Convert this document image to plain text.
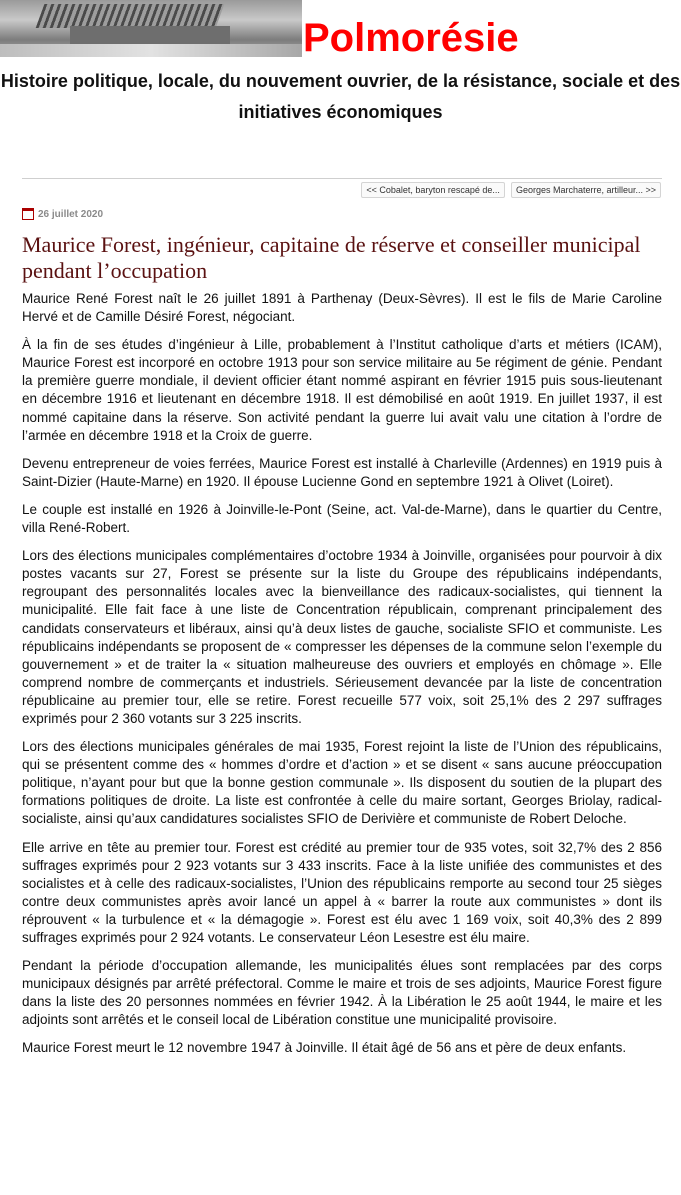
Polmorésie
Histoire politique, locale, du nouvement ouvrier, de la résistance, sociale et des initiatives économiques
<< Cobalet, baryton rescapé de...	Georges Marchaterre, artilleur... >>
26 juillet 2020
Maurice Forest, ingénieur, capitaine de réserve et conseiller municipal pendant l’occupation

Maurice René Forest naît le 26 juillet 1891 à Parthenay (Deux-Sèvres). Il est le fils de Marie Caroline Hervé et de Camille Désiré Forest, négociant.

À la fin de ses études d’ingénieur à Lille, probablement à l’Institut catholique d’arts et métiers (ICAM), Maurice Forest est incorporé en octobre 1913 pour son service militaire au 5e régiment de génie. Pendant la première guerre mondiale, il devient officier étant nommé aspirant en février 1915 puis sous-lieutenant en décembre 1916 et lieutenant en décembre 1918. Il est démobilisé en août 1919. En juillet 1937, il est nommé capitaine dans la réserve. Son activité pendant la guerre lui avait valu une citation à l’ordre de l’armée en décembre 1918 et la Croix de guerre.

Devenu entrepreneur de voies ferrées, Maurice Forest est installé à Charleville (Ardennes) en 1919 puis à Saint-Dizier (Haute-Marne) en 1920. Il épouse Lucienne Gond en septembre 1921 à Olivet (Loiret).

Le couple est installé en 1926 à Joinville-le-Pont (Seine, act. Val-de-Marne), dans le quartier du Centre, villa René-Robert.

Lors des élections municipales complémentaires d’octobre 1934 à Joinville, organisées pour pourvoir à dix postes vacants sur 27, Forest se présente sur la liste du Groupe des républicains indépendants, regroupant des personnalités locales avec la bienveillance des radicaux-socialistes, qui tiennent la municipalité. Elle fait face à une liste de Concentration républicain, comprenant principalement des candidats conservateurs et libéraux, ainsi qu’à deux listes de gauche, socialiste SFIO et communiste. Les républicains indépendants se proposent de « compresser les dépenses de la commune selon l’exemple du gouvernement » et de traiter la « situation malheureuse des ouvriers et employés en chômage ». Elle comprend nombre de commerçants et industriels. Sérieusement devancée par la liste de concentration républicaine au premier tour, elle se retire. Forest recueille 577 voix, soit 25,1% des 2 297 suffrages exprimés pour 2 360 votants sur 3 225 inscrits.

Lors des élections municipales générales de mai 1935, Forest rejoint la liste de l’Union des républicains, qui se présentent comme des « hommes d’ordre et d’action » et se disent « sans aucune préoccupation politique, n’ayant pour but que la bonne gestion communale ». Ils disposent du soutien de la plupart des formations politiques de droite. La liste est confrontée à celle du maire sortant, Georges Briolay, radical-socialiste, ainsi qu’aux candidatures socialistes SFIO de Derivière et communiste de Robert Deloche.

Elle arrive en tête au premier tour. Forest est crédité au premier tour de 935 votes, soit 32,7% des 2 856 suffrages exprimés pour 2 923 votants sur 3 433 inscrits. Face à la liste unifiée des communistes et des socialistes et à celle des radicaux-socialistes, l’Union des républicains remporte au second tour 25 sièges contre deux communistes après avoir lancé un appel à « barrer la route aux communistes » dont ils réprouvent « la turbulence et « la démagogie ». Forest est élu avec 1 169 voix, soit 40,3% des 2 899 suffrages exprimés pour 2 924 votants. Le conservateur Léon Lesestre est élu maire.

Pendant la période d’occupation allemande, les municipalités élues sont remplacées par des corps municipaux désignés par arrêté préfectoral. Comme le maire et trois de ses adjoints, Maurice Forest figure dans la liste des 20 personnes nommées en février 1942. À la Libération le 25 août 1944, le maire et les adjoints sont arrêtés et le conseil local de Libération constitue une municipalité provisoire.

Maurice Forest meurt le 12 novembre 1947 à Joinville. Il était âgé de 56 ans et père de deux enfants.
